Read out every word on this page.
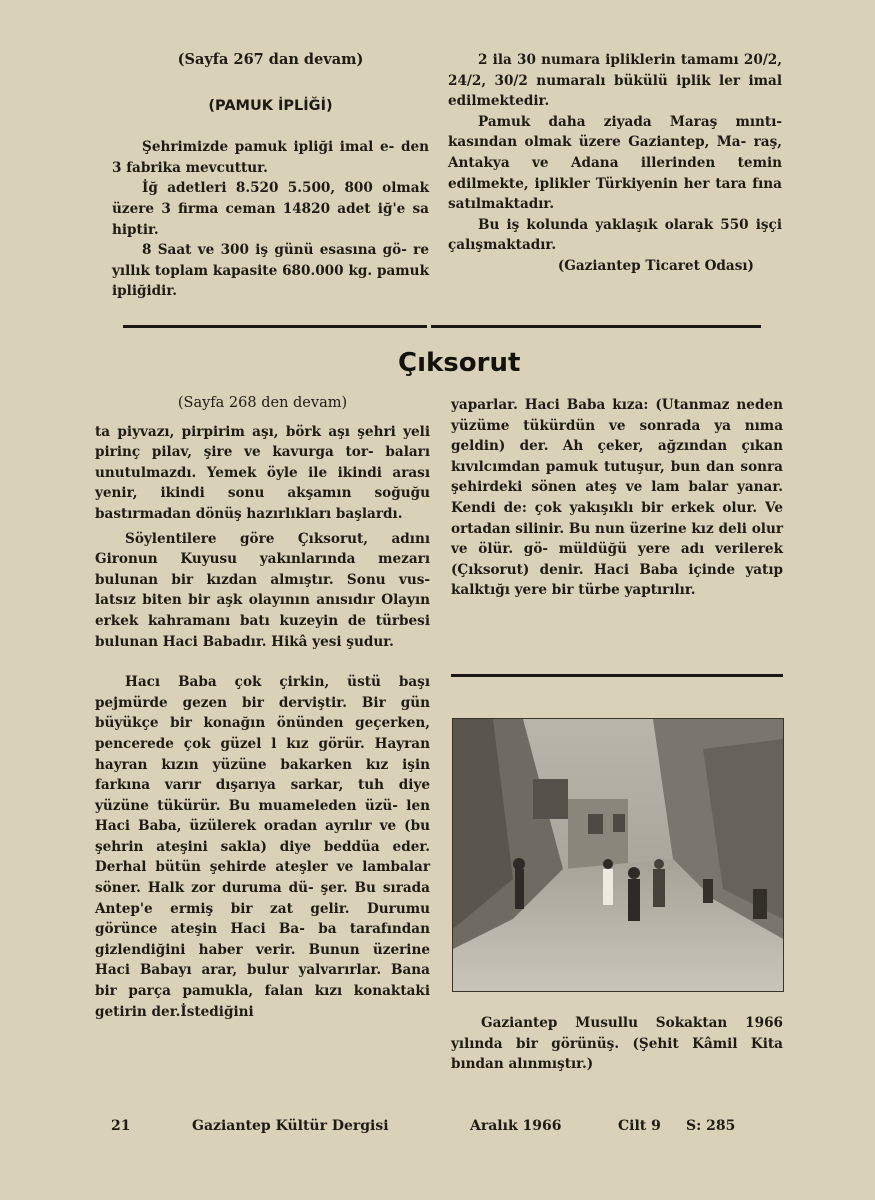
(Sayfa 267 dan devam)

(PAMUK İPLİĞİ)

Şehrimizde pamuk ipliği imal e- den 3 fabrika mevcuttur.

İğ adetleri 8.520 5.500, 800 olmak üzere 3 firma ceman 14820 adet iğ'e sa hiptir.

8 Saat ve 300 iş günü esasına gö- re yıllık toplam kapasite 680.000 kg. pamuk ipliğidir.

2 ila 30 numara ipliklerin tamamı 20/2, 24/2, 30/2 numaralı bükülü iplik ler imal edilmektedir.

Pamuk daha ziyada Maraş mıntı- kasından olmak üzere Gaziantep, Ma- raş, Antakya ve Adana illerinden temin edilmekte, iplikler Türkiyenin her tara fına satılmaktadır.

Bu iş kolunda yaklaşık olarak 550 işçi çalışmaktadır.

(Gaziantep Ticaret Odası)

Çıksorut

(Sayfa 268 den devam)

ta piyvazı, pirpirim aşı, börk aşı şehri yeli pirinç pilav, şire ve kavurga tor- baları unutulmazdı. Yemek öyle ile ikindi arası yenir, ikindi sonu akşamın soğuğu bastırmadan dönüş hazırlıkları başlardı.

Söylentilere göre Çıksorut, adını Gironun Kuyusu yakınlarında mezarı bulunan bir kızdan almıştır. Sonu vus- latsız biten bir aşk olayının anısıdır Olayın erkek kahramanı batı kuzeyin de türbesi bulunan Haci Babadır. Hikâ yesi şudur.

Hacı Baba çok çirkin, üstü başı pejmürde gezen bir derviştir. Bir gün büyükçe bir konağın önünden geçerken, pencerede çok güzel l kız görür. Hayran hayran kızın yüzüne bakarken kız işin farkına varır dışarıya sarkar, tuh diye yüzüne tükürür. Bu muameleden üzü- len Haci Baba, üzülerek oradan ayrılır ve (bu şehrin ateşini sakla) diye beddüa eder. Derhal bütün şehirde ateşler ve lambalar söner. Halk zor duruma dü- şer. Bu sırada Antep'e ermiş bir zat gelir. Durumu görünce ateşin Haci Ba- ba tarafından gizlendiğini haber verir. Bunun üzerine Haci Babayı arar, bulur yalvarırlar. Bana bir parça pamukla, falan kızı konaktaki getirin der.İstediğini

yaparlar. Haci Baba kıza: (Utanmaz neden yüzüme tükürdün ve sonrada ya nıma geldin) der. Ah çeker, ağzından çıkan kıvılcımdan pamuk tutuşur, bun dan sonra şehirdeki sönen ateş ve lam balar yanar. Kendi de: çok yakışıklı bir erkek olur. Ve ortadan silinir. Bu nun üzerine kız deli olur ve ölür. gö- müldüğü yere adı verilerek (Çıksorut) denir. Haci Baba içinde yatıp kalktığı yere bir türbe yaptırılır.

Gaziantep Musullu Sokaktan 1966 yılında bir görünüş. (Şehit Kâmil Kita bından alınmıştır.)

21	Gaziantep Kültür Dergisi	Aralık 1966	Cilt 9 S: 285
